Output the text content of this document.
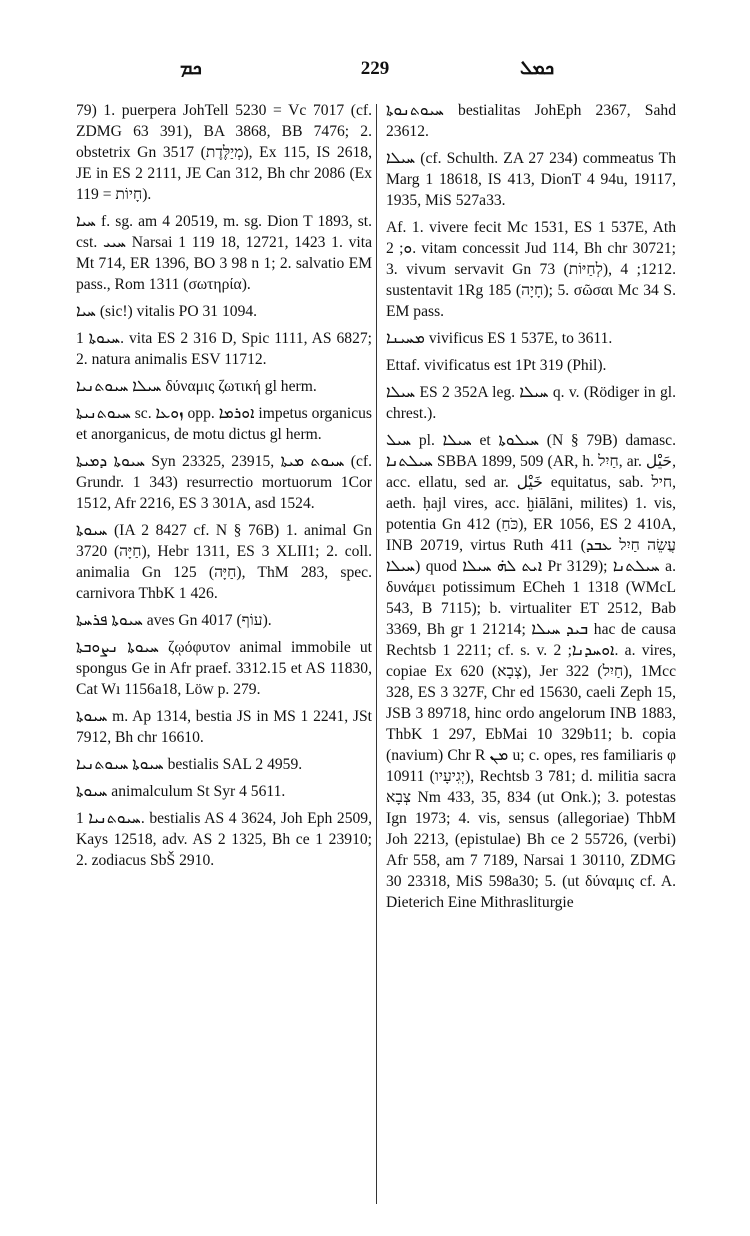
ܟܡ	229	ܟܡܠ

79) 1. puerpera JohTell 5230 = Vc 7017 (cf. ZDMG 63 391), BA 3868, BB 7476; 2. obstetrix Gn 3517 (מְיַלֶּדֶת), Ex 115, IS 2618, JE in ES 2 2111, JE Can 312, Bh chr 2086 (Ex 119 = חָיוֹת).

ܚܝܐ f. sg. am 4 20519, m. sg. Dion T 1893, st. cst. ܚܝܝ Narsai 1 119 18, 12721, 1423 1. vita Mt 714, ER 1396, BO 3 98 n 1; 2. salvatio EM pass., Rom 1311 (σωτηρία).

ܚܝܐ (sic!) vitalis PO 31 1094.

ܚܝܘܬܐ 1. vita ES 2 316 D, Spic 1111, AS 6827; 2. natura animalis ESV 11712.

ܚܝܠܐ ܚܝܘܬܢܝܐ δύναμις ζωτική gl herm.

ܚܝܘܬܢܝܬܐ sc. ܙܘܥܐ opp. ܐܘܪܡܐ impetus organicus et anorganicus, de motu dictus gl herm.

ܚܝܘܬܐ ܕܡܝܬܐ Syn 23325, 23915, ܚܝܘܬ ܡܝܬܐ (cf. Grundr. 1 343) resurrectio mortuorum 1Cor 1512, Afr 2216, ES 3 301A, asd 1524.

ܚܝܘܬܐ (IA 2 8427 cf. N § 76B) 1. animal Gn 3720 (חַיָּה), Hebr 1311, ES 3 XLII1; 2. coll. animalia Gn 125 (חַיָּה), ThM 283, spec. carnivora ThbK 1 426.

ܚܝܘܬܐ ܦܪܚܬܐ aves Gn 4017 (עוֹף).

ܚܝܘܬܐ ܢܨܘܒܬܐ ζῳόφυτον animal immobile ut spongus Ge in Afr praef. 3312.15 et AS 11830, Cat Wı 1156a18, Löw p. 279.

ܚܝܘܬܐ m. Ap 1314, bestia JS in MS 1 2241, JSt 7912, Bh chr 16610.

ܚܝܘܬܐ ܚܝܘܬܢܝܐ bestialis SAL 2 4959.

ܚܝܘܬܐ animalculum St Syr 4 5611.

ܚܝܘܬܢܝܐ 1. bestialis AS 4 3624, Joh Eph 2509, Kays 12518, adv. AS 2 1325, Bh ce 1 23910; 2. zodiacus SbŠ 2910.

ܚܝܘܬܢܘܬܐ bestialitas JohEph 2367, Sahd 23612.

ܚܝܠܐ (cf. Schulth. ZA 27 234) commeatus Th Marg 1 18618, IS 413, DionT 4 94u, 19117, 1935, MiS 527a33.

Af. 1. vivere fecit Mc 1531, ES 1 537E, Ath ܘ; 2. vitam concessit Jud 114, Bh chr 30721; 3. vivum servavit Gn 73 (לְחַיּוֹת), 1212; 4. sustentavit 1Rg 185 (חָיָה); 5. σῶσαι Mc 34 S. EM pass.

ܡܚܝܢܐ vivificus ES 1 537E, to 3611.

Ettaf. vivificatus est 1Pt 319 (Phil).

ܚܝܠܐ ES 2 352A leg. ܚܝܠܐ q. v. (Rödiger in gl. chrest.).

ܚܝܠ pl. ܚܝܠܐ et ܚܝܠܘܬܐ (N § 79B) damasc. ܚܝܠܬܢܐ SBBA 1899, 509 (AR, h. חַיִל, ar. حَيْل, acc. ellatu, sed ar. خَيْل equitatus, sab. חיל, aeth. ḥajl vires, acc. ḫiālāni, milites) 1. vis, potentia Gn 412 (כֹּחַ), ER 1056, ES 2 410A, INB 20719, virtus Ruth 411 (עֲשֵׂה חַיִל ܥܒܕ ܚܝܠܐ) quod ܐܝܬ ܠܗ̇ ܚܝܠܐ Pr 3129); ܚܝܠܬܢܐ a. δυνάμει potissimum ECheh 1 1318 (WMcL 543, B 7115); b. virtualiter ET 2512, Bab 3369, Bh gr 1 21214; ܒܝܕ ܚܝܠܐ hac de causa Rechtsb 1 2211; cf. s. v. ܐܘܚܕܢܐ; 2. a. vires, copiae Ex 620 (צְבָא), Jer 322 (חַיִל), 1Mcc 328, ES 3 327F, Chr ed 15630, caeli Zeph 15, JSB 3 89718, hinc ordo angelorum INB 1883, ThbK 1 297, EbMai 10 329b11; b. copia (navium) Chr R ܡܢ u; c. opes, res familiaris φ 10911 (יְגִיעָיו), Rechtsb 3 781; d. militia sacra צְבָא Nm 433, 35, 834 (ut Onk.); 3. potestas Ign 1973; 4. vis, sensus (allegoriae) ThbM Joh 2213, (epistulae) Bh ce 2 55726, (verbi) Afr 558, am 7 7189, Narsai 1 30110, ZDMG 30 23318, MiS 598a30; 5. (ut δύναμις cf. A. Dieterich Eine Mithrasliturgie
